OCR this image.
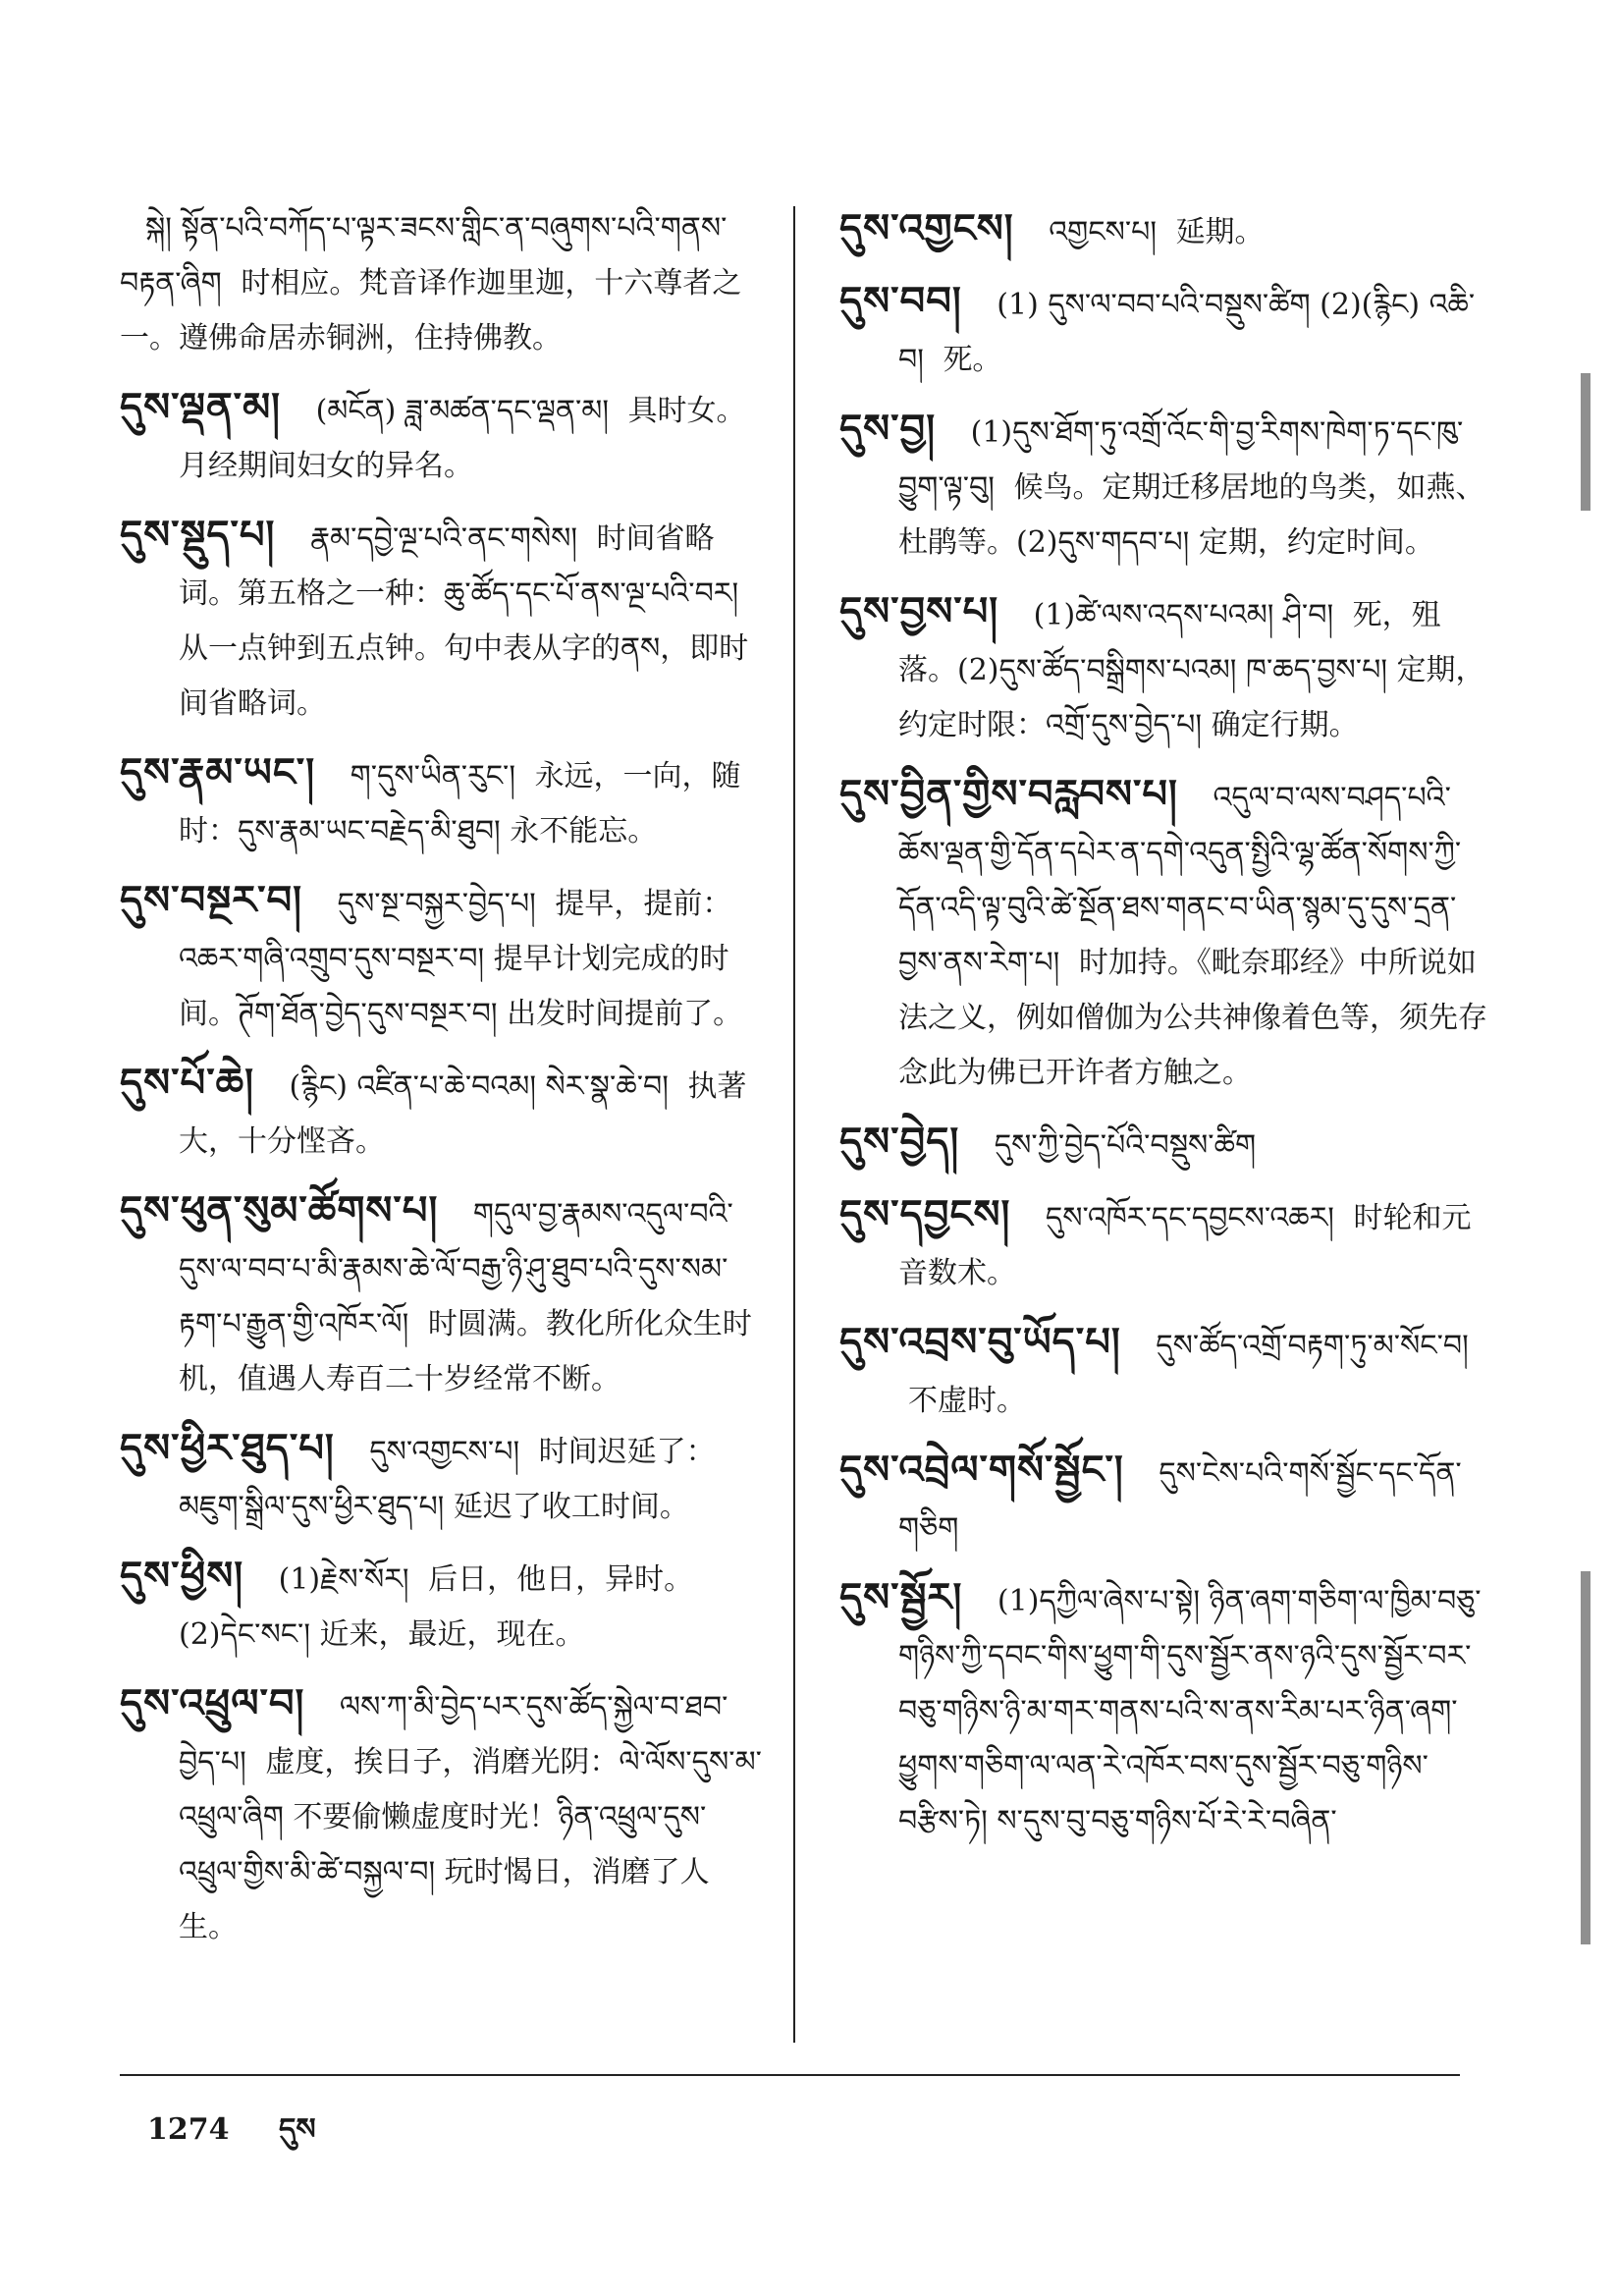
སྐེ། སྟོན་པའི་བཀོད་པ་ལྟར་ཟངས་གླིང་ན་བཞུགས་པའི་གནས་བརྟན་ཞིག 时相应。梵音译作迦里迦，十六尊者之一。遵佛命居赤铜洲，住持佛教。
དུས་ལྡན་མ། (མངོན) ཟླ་མཚན་དང་ལྡན་མ། 具时女。月经期间妇女的异名。
དུས་སྡུད་པ། རྣམ་དབྱེ་ལྔ་པའི་ནང་གསེས། 时间省略词。第五格之一种：ཆུ་ཚོད་དང་པོ་ནས་ལྔ་པའི་བར། 从一点钟到五点钟。句中表从字的ནས，即时间省略词。
དུས་རྣམ་ཡང་། ག་དུས་ཡིན་རུང་། 永远，一向，随时：དུས་རྣམ་ཡང་བརྗེད་མི་ཐུབ། 永不能忘。
དུས་བསྔར་བ། དུས་སྔ་བསྐྱར་བྱེད་པ། 提早，提前：འཆར་གཞི་འགྲུབ་དུས་བསྔར་བ། 提早计划完成的时间。ཊོག་ཐོན་བྱེད་དུས་བསྔར་བ། 出发时间提前了。
དུས་པོ་ཆེ། (རྙིང) འཛིན་པ་ཆེ་བའམ། སེར་སྣ་ཆེ་བ། 执著大，十分悭吝。
དུས་ཕུན་སུམ་ཚོགས་པ། གདུལ་བྱ་རྣམས་འདུལ་བའི་དུས་ལ་བབ་པ་མི་རྣམས་ཆེ་ལོ་བརྒྱ་ཉི་ཤུ་ཐུབ་པའི་དུས་སམ་རྟག་པ་རྒྱུན་གྱི་འཁོར་ལོ། 时圆满。教化所化众生时机，值遇人寿百二十岁经常不断。
དུས་ཕྱིར་ཐུད་པ། དུས་འགྱངས་པ། 时间迟延了：མཇུག་སྒྲིལ་དུས་ཕྱིར་ཐུད་པ། 延迟了收工时间。
དུས་ཕྱིས། (1)རྗེས་སོར། 后日，他日，异时。(2)དེང་སང་། 近来，最近，现在。
དུས་འཕྲུལ་བ། ལས་ཀ་མི་བྱེད་པར་དུས་ཚོད་སྐྱེལ་བ་ཐབ་བྱེད་པ། 虚度，挨日子，消磨光阴：ལེ་ལོས་དུས་མ་འཕྲུལ་ཞིག 不要偷懒虚度时光！ཉིན་འཕྲུལ་དུས་འཕྲུལ་གྱིས་མི་ཚེ་བསྐྱལ་བ། 玩时愒日，消磨了人生。
དུས་འགྱངས། འགྱངས་པ། 延期。
དུས་བབ། (1) དུས་ལ་བབ་པའི་བསྡུས་ཚིག (2)(རྙིང) འཆི་བ། 死。
དུས་བྱ། (1)དུས་ཐོག་ཏུ་འགྲོ་འོང་གི་བྱ་རིགས་ཁེག་ཏ་དང་ཁུ་བྱུག་ལྟ་བུ། 候鸟。定期迁移居地的鸟类，如燕、杜鹃等。(2)དུས་གདབ་པ། 定期，约定时间。
དུས་བྱས་པ། (1)ཚེ་ལས་འདས་པའམ། ཤི་བ། 死，殂落。(2)དུས་ཚོད་བསྒྲིགས་པའམ། ཁ་ཆད་བྱས་པ། 定期，约定时限：འགྲོ་དུས་བྱེད་པ། 确定行期。
དུས་བྱིན་གྱིས་བརླབས་པ། འདུལ་བ་ལས་བཤད་པའི་ཆོས་ལྡན་གྱི་དོན་དཔེར་ན་དགེ་འདུན་སྤྱིའི་ལྷ་ཚོན་སོགས་ཀྱི་དོན་འདི་ལྟ་བུའི་ཚེ་སྔོན་ཐས་གནང་བ་ཡིན་སྙམ་དུ་དུས་དྲན་བྱས་ནས་རེག་པ། 时加持。《毗奈耶经》中所说如法之义，例如僧伽为公共神像着色等，须先存念此为佛已开许者方触之。
དུས་བྱེད། དུས་ཀྱི་བྱེད་པོའི་བསྡུས་ཚིག
དུས་དབྱངས། དུས་འཁོར་དང་དབྱངས་འཆར། 时轮和元音数术。
དུས་འབྲས་བུ་ཡོད་པ། དུས་ཚོད་འགྲོ་བརྟག་ཏུ་མ་སོང་བ། 不虚时。
དུས་འབྲེལ་གསོ་སྦྱོང་། དུས་ངེས་པའི་གསོ་སྦྱོང་དང་དོན་གཅིག
དུས་སྦྱོར། (1)དཀྱིལ་ཞེས་པ་སྟེ། ཉིན་ཞག་གཅིག་ལ་ཁྱིམ་བཅུ་གཉིས་ཀྱི་དབང་གིས་ཕྱུག་གི་དུས་སྦྱོར་ནས་ཉའི་དུས་སྦྱོར་བར་བཅུ་གཉིས་ཉི་མ་གར་གནས་པའི་ས་ནས་རིམ་པར་ཉིན་ཞག་ཕྱུགས་གཅིག་ལ་ལན་རེ་འཁོར་བས་དུས་སྦྱོར་བཅུ་གཉིས་བརྩིས་ཏེ། ས་དུས་བུ་བཅུ་གཉིས་པོ་རེ་རེ་བཞིན་
1274 དུས
